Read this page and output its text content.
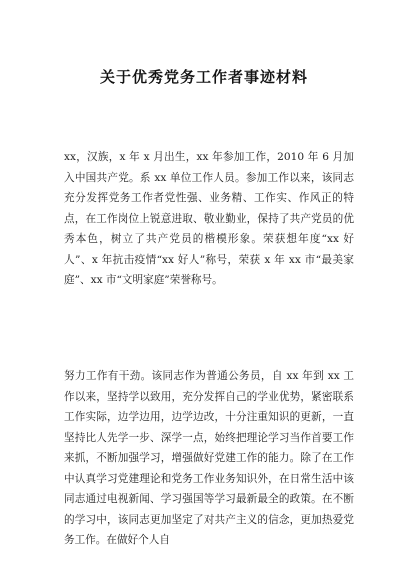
关于优秀党务工作者事迹材料
xx，汉族，x 年 x 月出生，xx 年参加工作，2010 年 6 月加入中国共产党。系 xx 单位工作人员。参加工作以来，该同志充分发挥党务工作者党性强、业务精、工作实、作风正的特点，在工作岗位上锐意进取、敬业勤业，保持了共产党员的优秀本色，树立了共产党员的楷模形象。荣获想年度“xx 好人”、x 年抗击疫情“xx 好人”称号，荣获 x 年 xx 市“最美家庭”、xx 市“文明家庭”荣誉称号。
努力工作有干劲。该同志作为普通公务员，自 xx 年到 xx 工作以来，坚持学以致用，充分发挥自己的学业优势，紧密联系工作实际，边学边用，边学边改，十分注重知识的更新，一直坚持比人先学一步、深学一点，始终把理论学习当作首要工作来抓，不断加强学习，增强做好党建工作的能力。除了在工作中认真学习党建理论和党务工作业务知识外，在日常生活中该同志通过电视新闻、学习强国等学习最新最全的政策。在不断的学习中，该同志更加坚定了对共产主义的信念，更加热爱党务工作。在做好个人自
